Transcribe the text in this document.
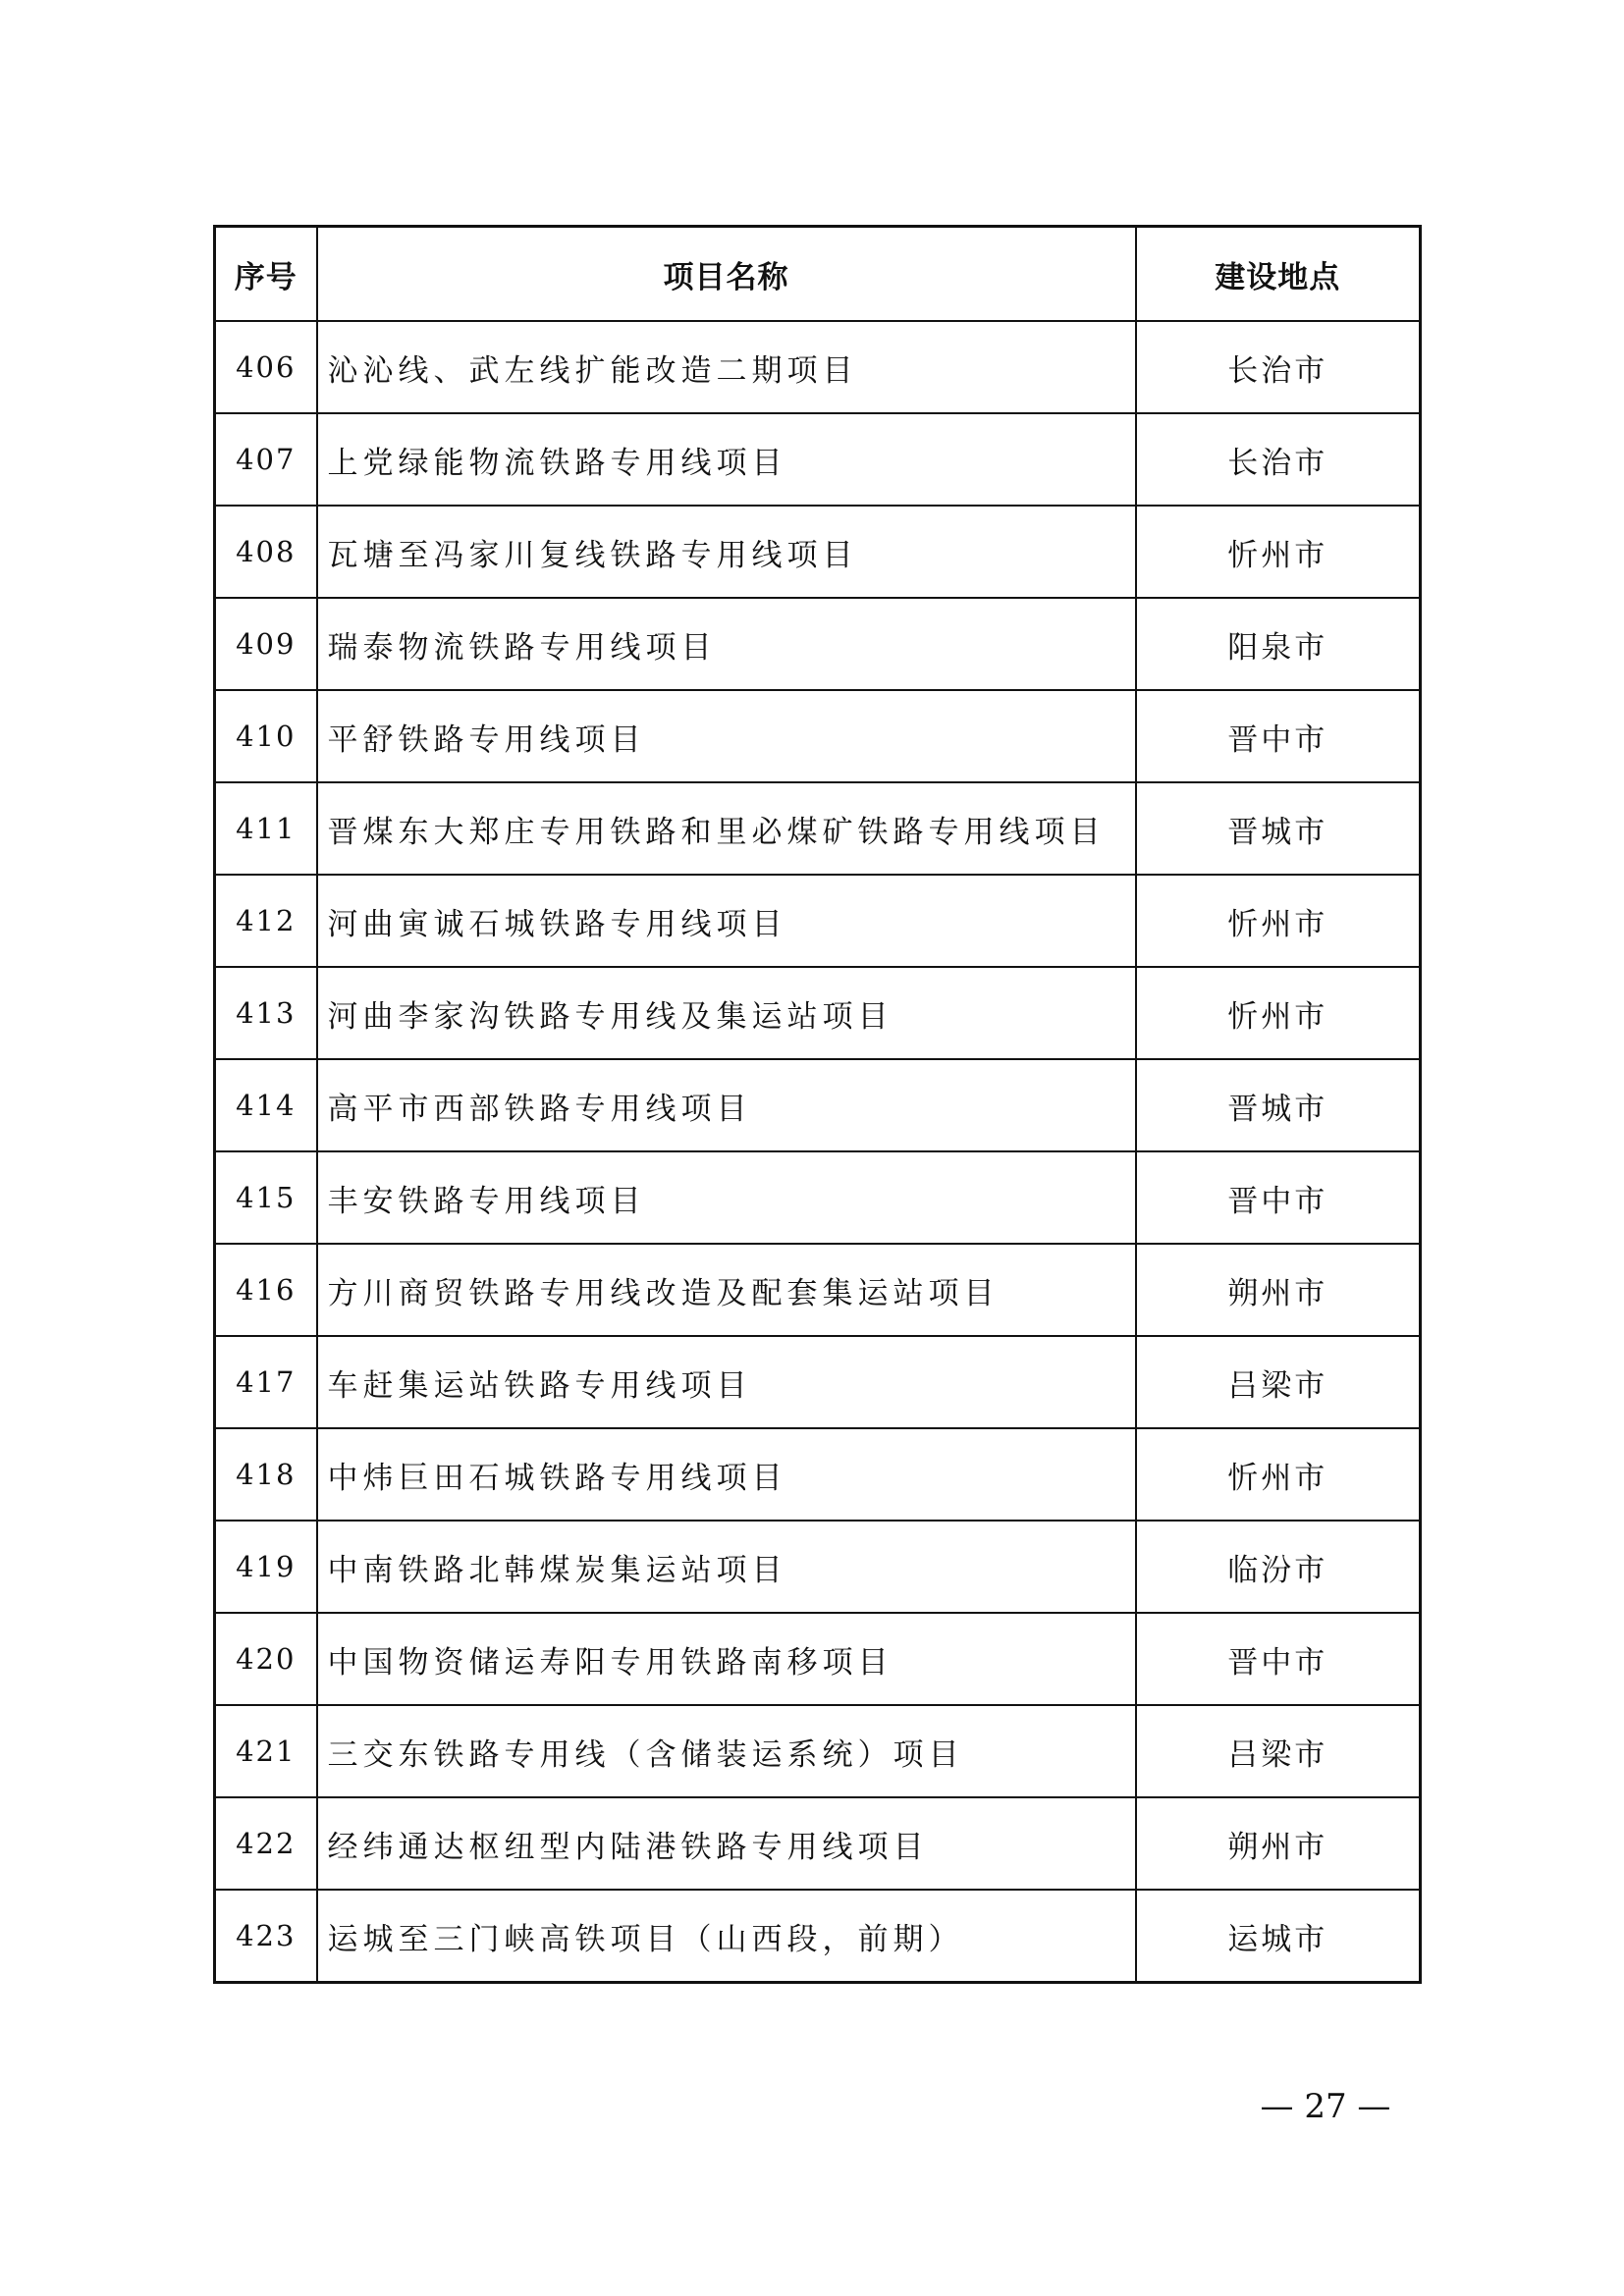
序号	项目名称	建设地点
406	沁沁线、武左线扩能改造二期项目	长治市
407	上党绿能物流铁路专用线项目	长治市
408	瓦塘至冯家川复线铁路专用线项目	忻州市
409	瑞泰物流铁路专用线项目	阳泉市
410	平舒铁路专用线项目	晋中市
411	晋煤东大郑庄专用铁路和里必煤矿铁路专用线项目	晋城市
412	河曲寅诚石城铁路专用线项目	忻州市
413	河曲李家沟铁路专用线及集运站项目	忻州市
414	高平市西部铁路专用线项目	晋城市
415	丰安铁路专用线项目	晋中市
416	方川商贸铁路专用线改造及配套集运站项目	朔州市
417	车赶集运站铁路专用线项目	吕梁市
418	中炜巨田石城铁路专用线项目	忻州市
419	中南铁路北韩煤炭集运站项目	临汾市
420	中国物资储运寿阳专用铁路南移项目	晋中市
421	三交东铁路专用线（含储装运系统）项目	吕梁市
422	经纬通达枢纽型内陆港铁路专用线项目	朔州市
423	运城至三门峡高铁项目（山西段，前期）	运城市
— 27 —
